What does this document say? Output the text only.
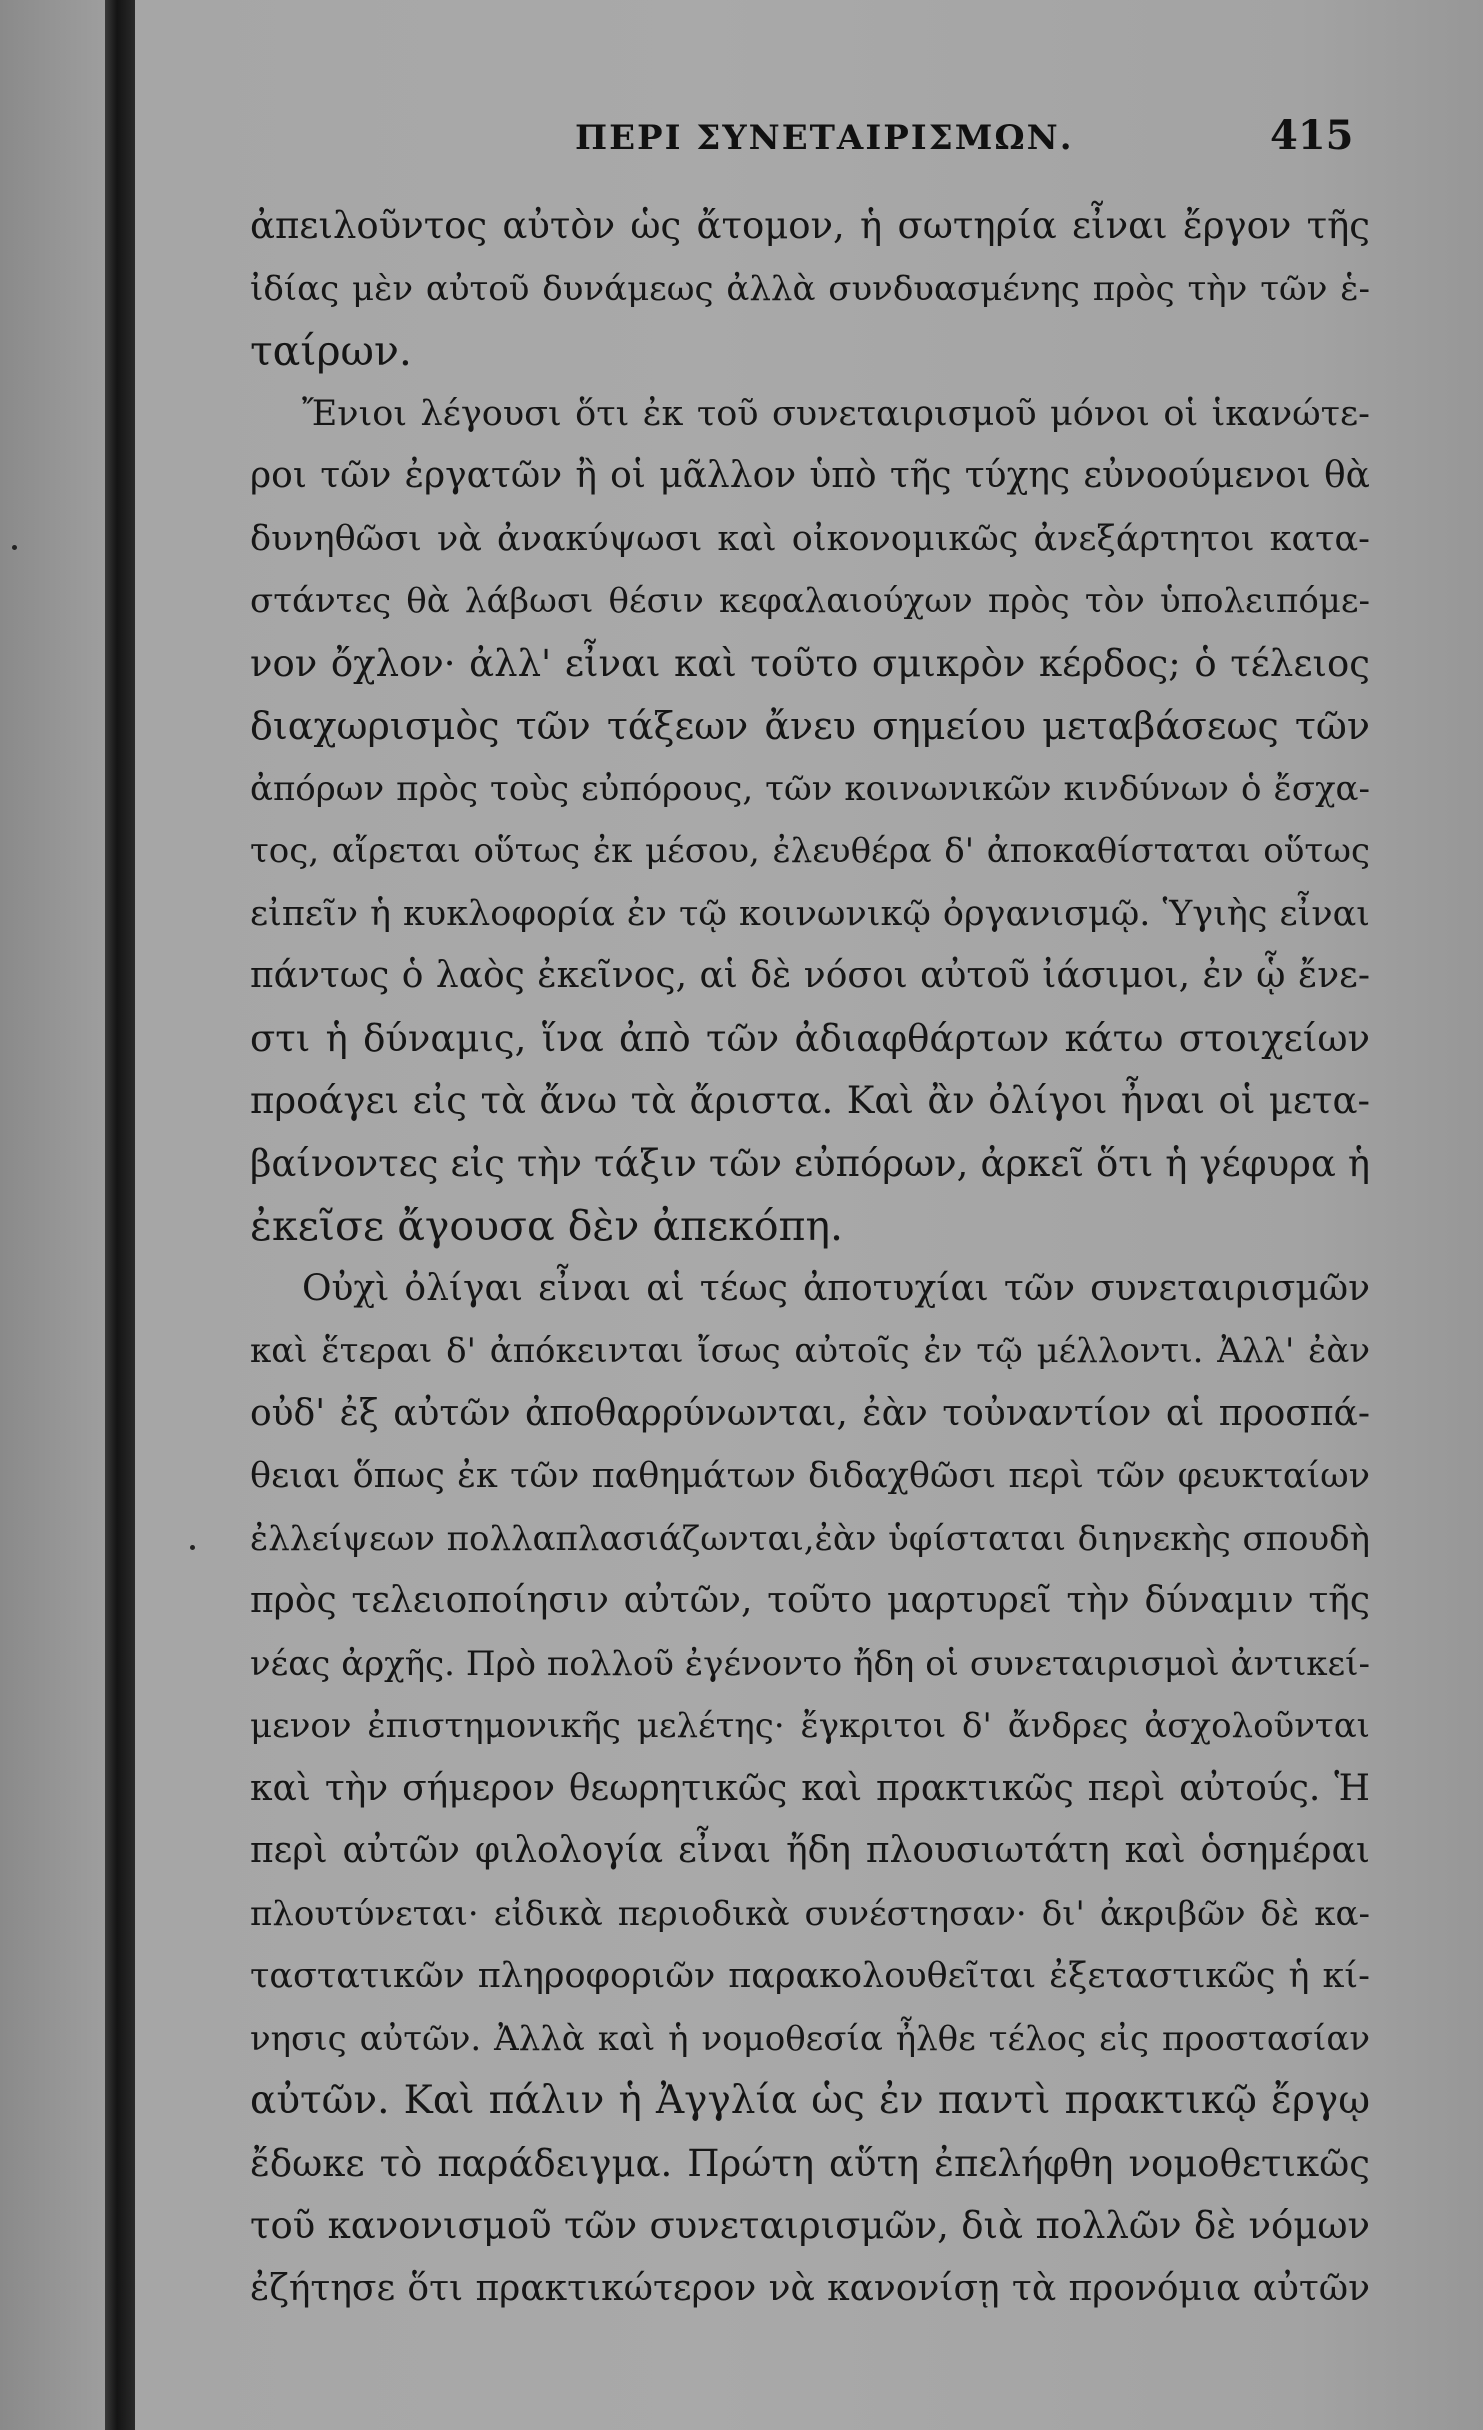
ΠΕΡΙ ΣΥΝΕΤΑΙΡΙΣΜΩΝ.	415
ἀπειλοῦντος αὐτὸν ὡς ἄτομον, ἡ σωτηρία εἶναι ἔργον τῆς
ἰδίας μὲν αὐτοῦ δυνάμεως ἀλλὰ συνδυασμένης πρὸς τὴν τῶν ἑ-
ταίρων.
Ἔνιοι λέγουσι ὅτι ἐκ τοῦ συνεταιρισμοῦ μόνοι οἱ ἱκανώτε-
ροι τῶν ἐργατῶν ἢ οἱ μᾶλλον ὑπὸ τῆς τύχης εὐνοούμενοι θὰ
δυνηθῶσι νὰ ἀνακύψωσι καὶ οἰκονομικῶς ἀνεξάρτητοι κατα-
στάντες θὰ λάβωσι θέσιν κεφαλαιούχων πρὸς τὸν ὑπολειπόμε-
νον ὄχλον· ἀλλ' εἶναι καὶ τοῦτο σμικρὸν κέρδος; ὁ τέλειος
διαχωρισμὸς τῶν τάξεων ἄνευ σημείου μεταβάσεως τῶν
ἀπόρων πρὸς τοὺς εὐπόρους, τῶν κοινωνικῶν κινδύνων ὁ ἔσχα-
τος, αἴρεται οὕτως ἐκ μέσου, ἐλευθέρα δ' ἀποκαθίσταται οὕτως
εἰπεῖν ἡ κυκλοφορία ἐν τῷ κοινωνικῷ ὀργανισμῷ. Ὑγιὴς εἶναι
πάντως ὁ λαὸς ἐκεῖνος, αἱ δὲ νόσοι αὐτοῦ ἰάσιμοι, ἐν ᾧ ἔνε-
στι ἡ δύναμις, ἵνα ἀπὸ τῶν ἀδιαφθάρτων κάτω στοιχείων
προάγει εἰς τὰ ἄνω τὰ ἄριστα. Καὶ ἂν ὀλίγοι ἦναι οἱ μετα-
βαίνοντες εἰς τὴν τάξιν τῶν εὐπόρων, ἀρκεῖ ὅτι ἡ γέφυρα ἡ
ἐκεῖσε ἄγουσα δὲν ἀπεκόπη.
Οὐχὶ ὀλίγαι εἶναι αἱ τέως ἀποτυχίαι τῶν συνεταιρισμῶν
καὶ ἕτεραι δ' ἀπόκεινται ἴσως αὐτοῖς ἐν τῷ μέλλοντι. Ἀλλ' ἐὰν
οὐδ' ἐξ αὐτῶν ἀποθαρρύνωνται, ἐὰν τοὐναντίον αἱ προσπά-
θειαι ὅπως ἐκ τῶν παθημάτων διδαχθῶσι περὶ τῶν φευκταίων
ἐλλείψεων πολλαπλασιάζωνται,ἐὰν ὑφίσταται διηνεκὴς σπουδὴ
πρὸς τελειοποίησιν αὐτῶν, τοῦτο μαρτυρεῖ τὴν δύναμιν τῆς
νέας ἀρχῆς. Πρὸ πολλοῦ ἐγένοντο ἤδη οἱ συνεταιρισμοὶ ἀντικεί-
μενον ἐπιστημονικῆς μελέτης· ἔγκριτοι δ' ἄνδρες ἀσχολοῦνται
καὶ τὴν σήμερον θεωρητικῶς καὶ πρακτικῶς περὶ αὐτούς. Ἡ
περὶ αὐτῶν φιλολογία εἶναι ἤδη πλουσιωτάτη καὶ ὁσημέραι
πλουτύνεται· εἰδικὰ περιοδικὰ συνέστησαν· δι' ἀκριβῶν δὲ κα-
ταστατικῶν πληροφοριῶν παρακολουθεῖται ἐξεταστικῶς ἡ κί-
νησις αὐτῶν. Ἀλλὰ καὶ ἡ νομοθεσία ἦλθε τέλος εἰς προστασίαν
αὐτῶν. Καὶ πάλιν ἡ Ἀγγλία ὡς ἐν παντὶ πρακτικῷ ἔργῳ
ἔδωκε τὸ παράδειγμα. Πρώτη αὕτη ἐπελήφθη νομοθετικῶς
τοῦ κανονισμοῦ τῶν συνεταιρισμῶν, διὰ πολλῶν δὲ νόμων
ἐζήτησε ὅτι πρακτικώτερον νὰ κανονίσῃ τὰ προνόμια αὐτῶν
